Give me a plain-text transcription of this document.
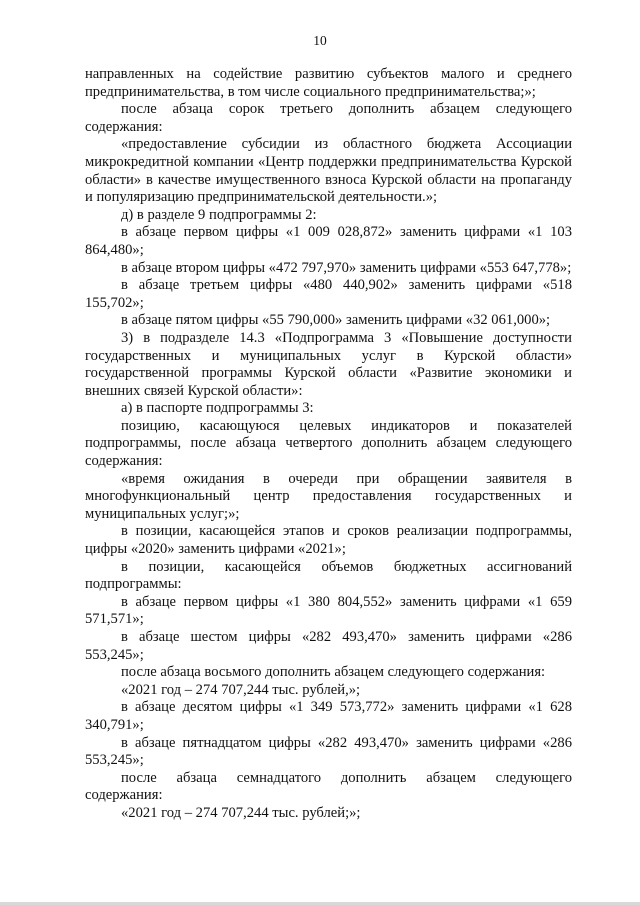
10

направленных на содействие развитию субъектов малого и среднего предпринимательства, в том числе социального предпринимательства;»;

после абзаца сорок третьего дополнить абзацем следующего содержания:

«предоставление субсидии из областного бюджета Ассоциации микрокредитной компании «Центр поддержки предпринимательства Курской области» в качестве имущественного взноса Курской области на пропаганду и популяризацию предпринимательской деятельности.»;

д) в разделе 9 подпрограммы 2:

в абзаце первом цифры «1 009 028,872» заменить цифрами «1 103 864,480»;

в абзаце втором цифры «472 797,970» заменить цифрами «553 647,778»;

в абзаце третьем цифры «480 440,902» заменить цифрами «518 155,702»;

в абзаце пятом цифры «55 790,000» заменить цифрами «32 061,000»;

3) в подразделе 14.3 «Подпрограмма 3 «Повышение доступности государственных и муниципальных услуг в Курской области» государственной программы Курской области «Развитие экономики и внешних связей Курской области»:

а) в паспорте подпрограммы 3:

позицию, касающуюся целевых индикаторов и показателей подпрограммы, после абзаца четвертого дополнить абзацем следующего содержания:

«время ожидания в очереди при обращении заявителя в многофункциональный центр предоставления государственных и муниципальных услуг;»;

в позиции, касающейся этапов и сроков реализации подпрограммы, цифры «2020» заменить цифрами «2021»;

в позиции, касающейся объемов бюджетных ассигнований подпрограммы:

в абзаце первом цифры «1 380 804,552» заменить цифрами «1 659 571,571»;

в абзаце шестом цифры «282 493,470» заменить цифрами «286 553,245»;

после абзаца восьмого дополнить абзацем следующего содержания:

«2021 год – 274 707,244 тыс. рублей,»;

в абзаце десятом цифры «1 349 573,772» заменить цифрами «1 628 340,791»;

в абзаце пятнадцатом цифры «282 493,470» заменить цифрами «286 553,245»;

после абзаца семнадцатого дополнить абзацем следующего содержания:

«2021 год – 274 707,244 тыс. рублей;»;
